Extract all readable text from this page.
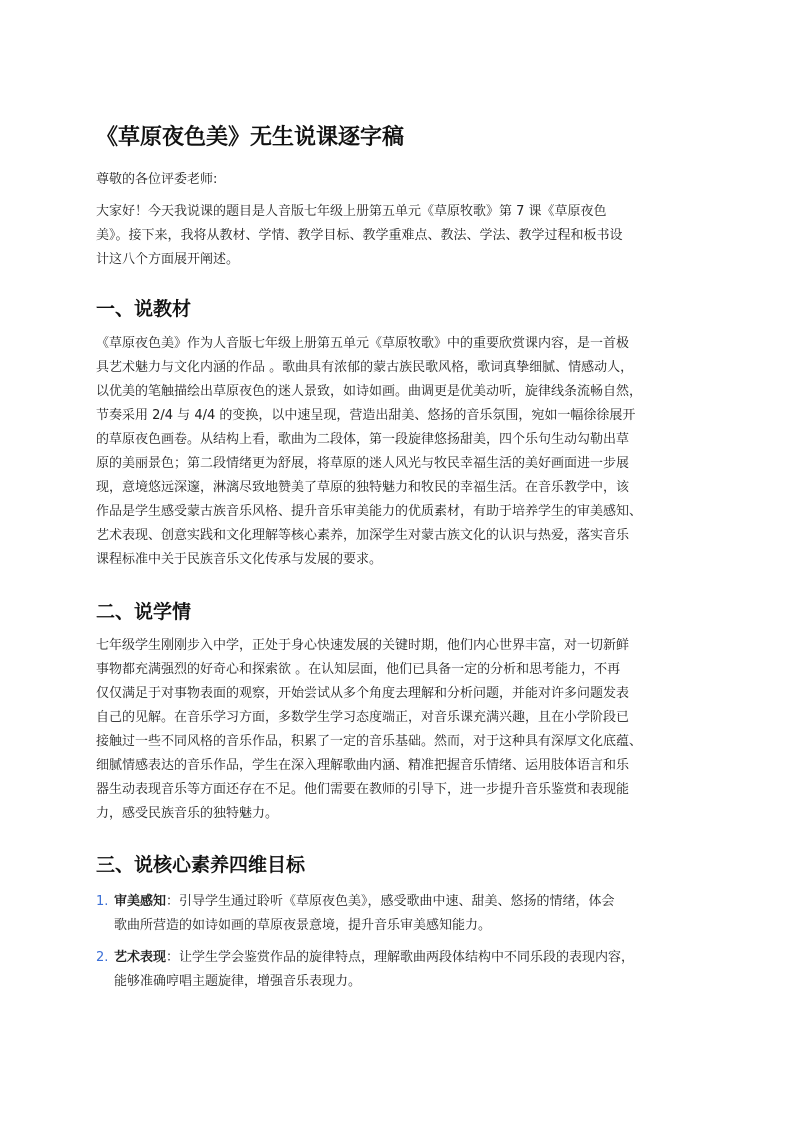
《草原夜色美》无生说课逐字稿

尊敬的各位评委老师:

大家好！今天我说课的题目是人音版七年级上册第五单元《草原牧歌》第 7 课《草原夜色
美》。接下来，我将从教材、学情、教学目标、教学重难点、教法、学法、教学过程和板书设
计这八个方面展开阐述。

一、说教材

《草原夜色美》作为人音版七年级上册第五单元《草原牧歌》中的重要欣赏课内容，是一首极
具艺术魅力与文化内涵的作品 。歌曲具有浓郁的蒙古族民歌风格，歌词真挚细腻、情感动人，
以优美的笔触描绘出草原夜色的迷人景致，如诗如画。曲调更是优美动听，旋律线条流畅自然，
节奏采用 2/4 与 4/4 的变换，以中速呈现，营造出甜美、悠扬的音乐氛围，宛如一幅徐徐展开
的草原夜色画卷。从结构上看，歌曲为二段体，第一段旋律悠扬甜美，四个乐句生动勾勒出草
原的美丽景色；第二段情绪更为舒展，将草原的迷人风光与牧民幸福生活的美好画面进一步展
现，意境悠远深邃，淋漓尽致地赞美了草原的独特魅力和牧民的幸福生活。在音乐教学中，该
作品是学生感受蒙古族音乐风格、提升音乐审美能力的优质素材，有助于培养学生的审美感知、
艺术表现、创意实践和文化理解等核心素养，加深学生对蒙古族文化的认识与热爱，落实音乐
课程标准中关于民族音乐文化传承与发展的要求。

二、说学情

七年级学生刚刚步入中学，正处于身心快速发展的关键时期，他们内心世界丰富，对一切新鲜
事物都充满强烈的好奇心和探索欲 。在认知层面，他们已具备一定的分析和思考能力，不再
仅仅满足于对事物表面的观察，开始尝试从多个角度去理解和分析问题，并能对许多问题发表
自己的见解。在音乐学习方面，多数学生学习态度端正，对音乐课充满兴趣，且在小学阶段已
接触过一些不同风格的音乐作品，积累了一定的音乐基础。然而，对于这种具有深厚文化底蕴、
细腻情感表达的音乐作品，学生在深入理解歌曲内涵、精准把握音乐情绪、运用肢体语言和乐
器生动表现音乐等方面还存在不足。他们需要在教师的引导下，进一步提升音乐鉴赏和表现能
力，感受民族音乐的独特魅力。

三、说核心素养四维目标
1. 审美感知：引导学生通过聆听《草原夜色美》，感受歌曲中速、甜美、悠扬的情绪，体会
歌曲所营造的如诗如画的草原夜景意境，提升音乐审美感知能力。
2. 艺术表现：让学生学会鉴赏作品的旋律特点，理解歌曲两段体结构中不同乐段的表现内容，
能够准确哼唱主题旋律，增强音乐表现力。
